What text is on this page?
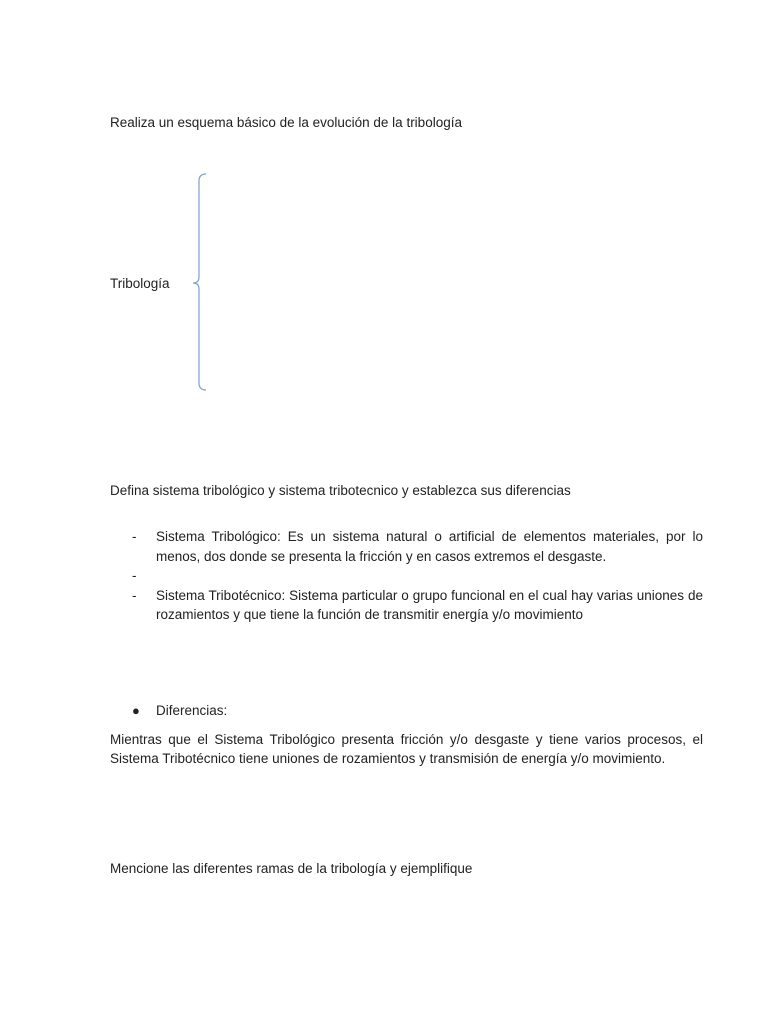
Realiza un esquema básico de la evolución de la tribología
Tribología
Defina sistema tribológico y sistema tribotecnico y establezca sus diferencias
- Sistema Tribológico: Es un sistema natural o artificial de elementos materiales, por lo menos, dos donde se presenta la fricción y en casos extremos el desgaste.
-
- Sistema Tribotécnico: Sistema particular o grupo funcional en el cual hay varias uniones de rozamientos y que tiene la función de transmitir energía y/o movimiento
● Diferencias:
Mientras que el Sistema Tribológico presenta fricción y/o desgaste y tiene varios procesos, el Sistema Tribotécnico tiene uniones de rozamientos y transmisión de energía y/o movimiento.
Mencione las diferentes ramas de la tribología y ejemplifique
